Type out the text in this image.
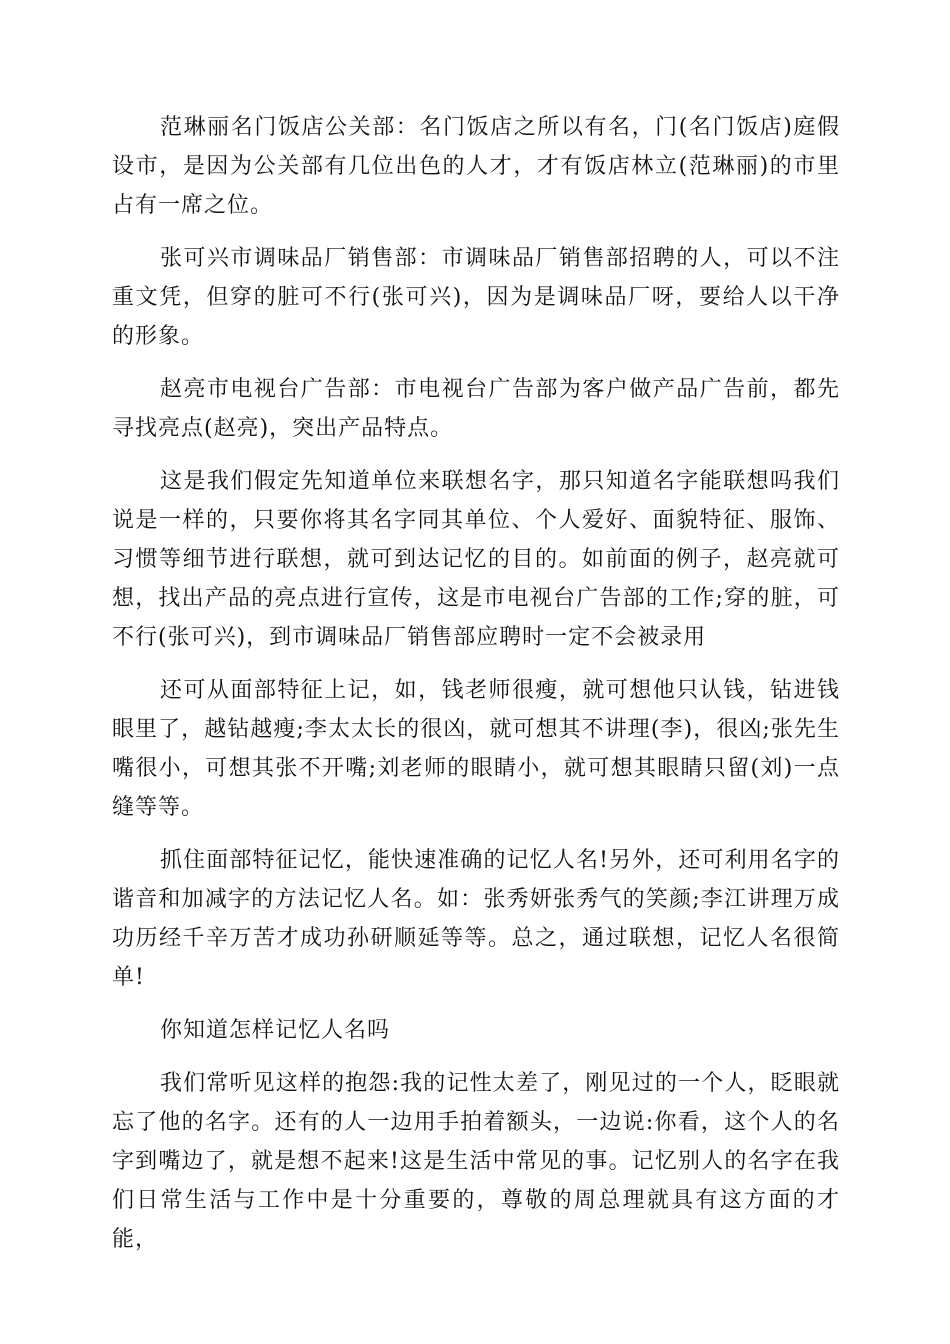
范琳丽名门饭店公关部：名门饭店之所以有名，门(名门饭店)庭假设市，是因为公关部有几位出色的人才，才有饭店林立(范琳丽)的市里占有一席之位。

张可兴市调味品厂销售部：市调味品厂销售部招聘的人，可以不注重文凭，但穿的脏可不行(张可兴)，因为是调味品厂呀，要给人以干净的形象。

赵亮市电视台广告部：市电视台广告部为客户做产品广告前，都先寻找亮点(赵亮)，突出产品特点。

这是我们假定先知道单位来联想名字，那只知道名字能联想吗我们说是一样的，只要你将其名字同其单位、个人爱好、面貌特征、服饰、习惯等细节进行联想，就可到达记忆的目的。如前面的例子，赵亮就可想，找出产品的亮点进行宣传，这是市电视台广告部的工作;穿的脏，可不行(张可兴)，到市调味品厂销售部应聘时一定不会被录用

还可从面部特征上记，如，钱老师很瘦，就可想他只认钱，钻进钱眼里了，越钻越瘦;李太太长的很凶，就可想其不讲理(李)，很凶;张先生嘴很小，可想其张不开嘴;刘老师的眼睛小，就可想其眼睛只留(刘)一点缝等等。

抓住面部特征记忆，能快速准确的记忆人名!另外，还可利用名字的谐音和加减字的方法记忆人名。如：张秀妍张秀气的笑颜;李江讲理万成功历经千辛万苦才成功孙研顺延等等。总之，通过联想，记忆人名很简单!

你知道怎样记忆人名吗

我们常听见这样的抱怨:我的记性太差了，刚见过的一个人，眨眼就忘了他的名字。还有的人一边用手拍着额头，一边说:你看，这个人的名字到嘴边了，就是想不起来!这是生活中常见的事。记忆别人的名字在我们日常生活与工作中是十分重要的，尊敬的周总理就具有这方面的才能，
